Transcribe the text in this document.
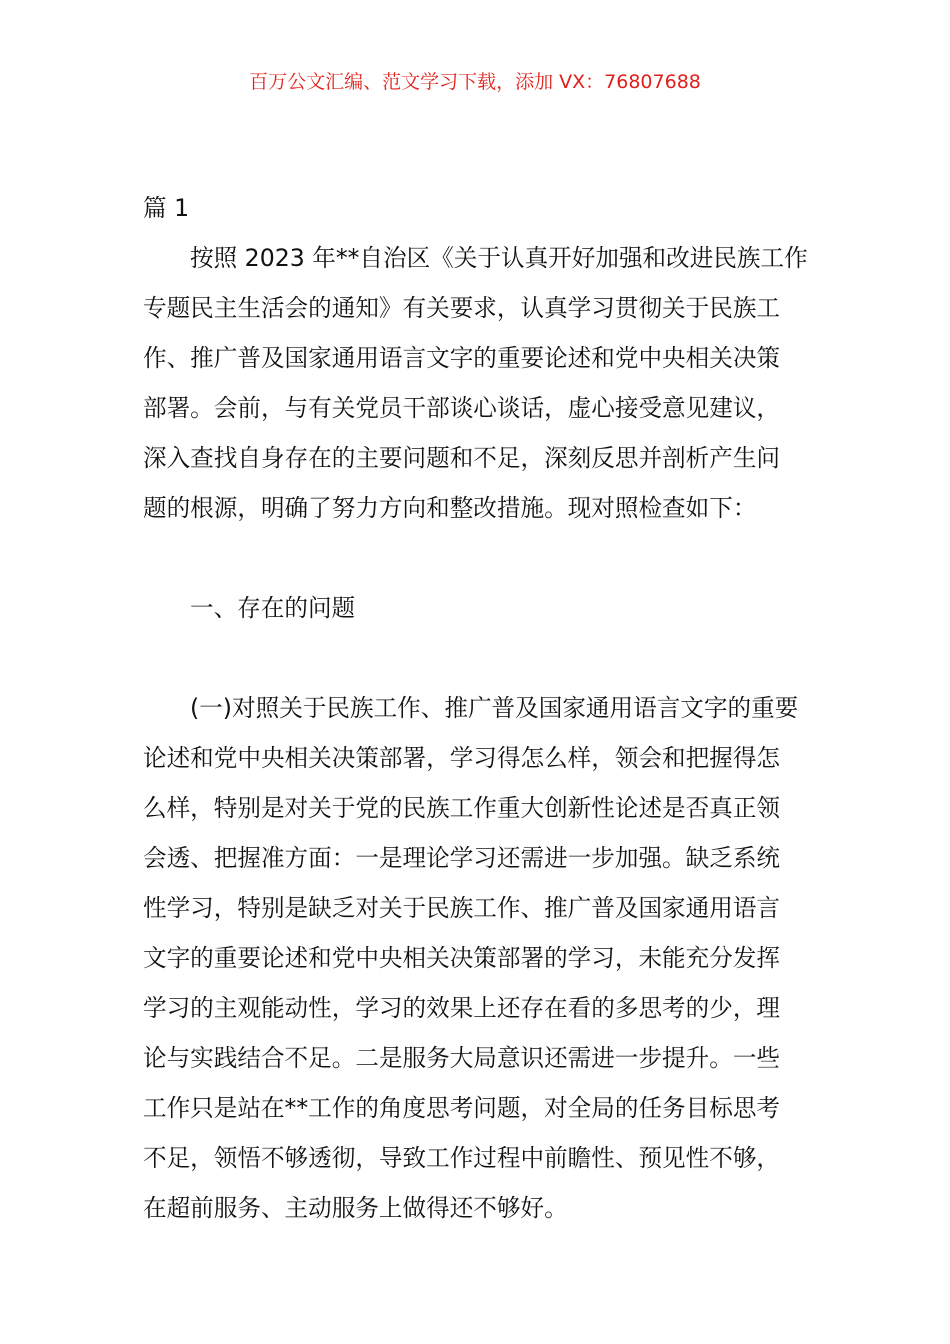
百万公文汇编、范文学习下载，添加 VX：76807688
篇 1
按照 2023 年**自治区《关于认真开好加强和改进民族工作
专题民主生活会的通知》有关要求，认真学习贯彻关于民族工
作、推广普及国家通用语言文字的重要论述和党中央相关决策
部署。会前，与有关党员干部谈心谈话，虚心接受意见建议，
深入查找自身存在的主要问题和不足，深刻反思并剖析产生问
题的根源，明确了努力方向和整改措施。现对照检查如下：
一、存在的问题
(一)对照关于民族工作、推广普及国家通用语言文字的重要
论述和党中央相关决策部署，学习得怎么样，领会和把握得怎
么样，特别是对关于党的民族工作重大创新性论述是否真正领
会透、把握准方面：一是理论学习还需进一步加强。缺乏系统
性学习，特别是缺乏对关于民族工作、推广普及国家通用语言
文字的重要论述和党中央相关决策部署的学习，未能充分发挥
学习的主观能动性，学习的效果上还存在看的多思考的少，理
论与实践结合不足。二是服务大局意识还需进一步提升。一些
工作只是站在**工作的角度思考问题，对全局的任务目标思考
不足，领悟不够透彻，导致工作过程中前瞻性、预见性不够，
在超前服务、主动服务上做得还不够好。
